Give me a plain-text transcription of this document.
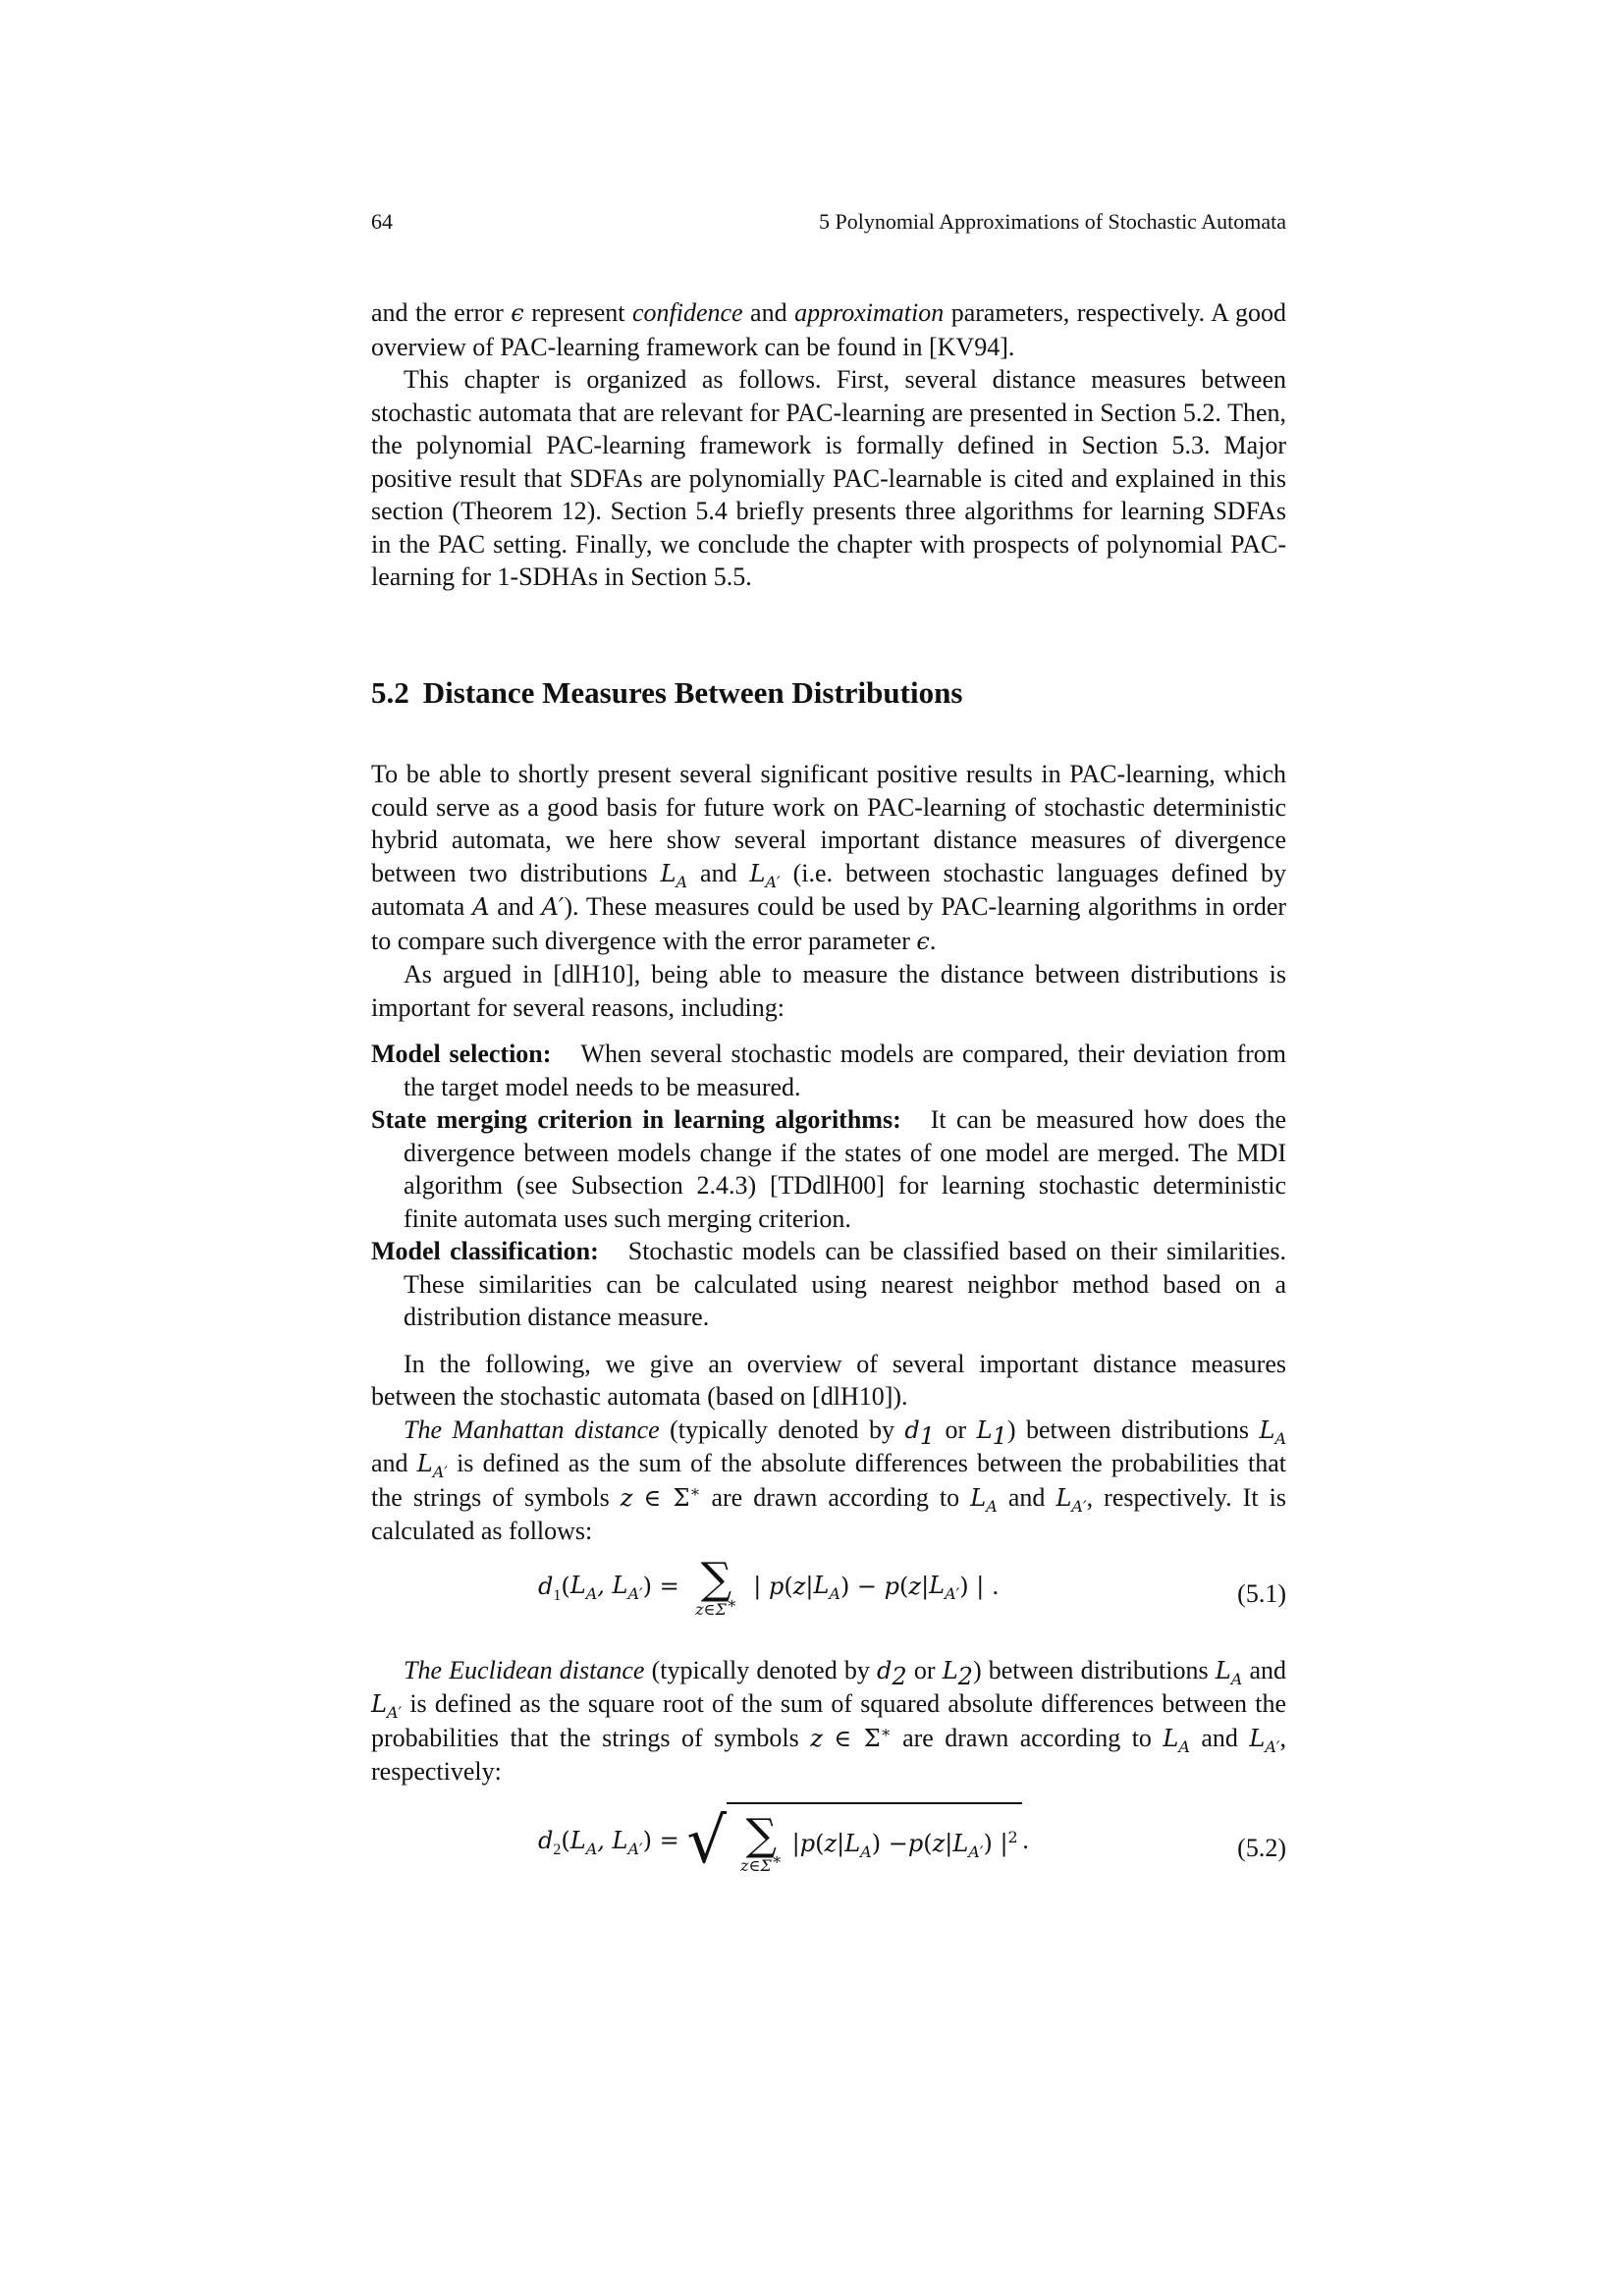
64	5 Polynomial Approximations of Stochastic Automata

and the error ϵ represent confidence and approximation parameters, respectively. A good overview of PAC-learning framework can be found in [KV94].

This chapter is organized as follows. First, several distance measures between stochastic automata that are relevant for PAC-learning are presented in Section 5.2. Then, the polynomial PAC-learning framework is formally defined in Section 5.3. Major positive result that SDFAs are polynomially PAC-learnable is cited and explained in this section (Theorem 12). Section 5.4 briefly presents three algorithms for learning SDFAs in the PAC setting. Finally, we conclude the chapter with prospects of polynomial PAC-learning for 1-SDHAs in Section 5.5.

5.2 Distance Measures Between Distributions

To be able to shortly present several significant positive results in PAC-learning, which could serve as a good basis for future work on PAC-learning of stochastic deterministic hybrid automata, we here show several important distance measures of divergence between two distributions $L_A$ and $L_{A'}$ (i.e. between stochastic languages defined by automata A and A′). These measures could be used by PAC-learning algorithms in order to compare such divergence with the error parameter ϵ.

As argued in [dlH10], being able to measure the distance between distributions is important for several reasons, including:

Model selection: When several stochastic models are compared, their deviation from the target model needs to be measured.
State merging criterion in learning algorithms: It can be measured how does the divergence between models change if the states of one model are merged. The MDI algorithm (see Subsection 2.4.3) [TDdlH00] for learning stochastic deterministic finite automata uses such merging criterion.
Model classification: Stochastic models can be classified based on their similarities. These similarities can be calculated using nearest neighbor method based on a distribution distance measure.

In the following, we give an overview of several important distance measures between the stochastic automata (based on [dlH10]).

The Manhattan distance (typically denoted by $d_1$ or $L_1$) between distributions $L_A$ and $L_{A'}$ is defined as the sum of the absolute differences between the probabilities that the strings of symbols z ∈ Σ∗ are drawn according to $L_A$ and $L_{A'}$, respectively. It is calculated as follows:

$d_1(L_A$, $L_{A'}$) = ∑
z∈Σ∗
| $p(z|L_A) - p(z|L_{A'})$ | .	(5.1)

The Euclidean distance (typically denoted by $d_2$ or $L_2$) between distributions $L_A$ and $L_{A'}$ is defined as the square root of the sum of squared absolute differences between the probabilities that the strings of symbols z ∈ Σ∗ are drawn according to $L_A$ and $L_{A'}$, respectively:

$d_2(L_A$, $L_{A'}$) = √ ∑
z∈Σ∗
| p ( z | $L_A$ ) − p ( z | $L_{A'}$ ) $|^2$ .	(5.2)
